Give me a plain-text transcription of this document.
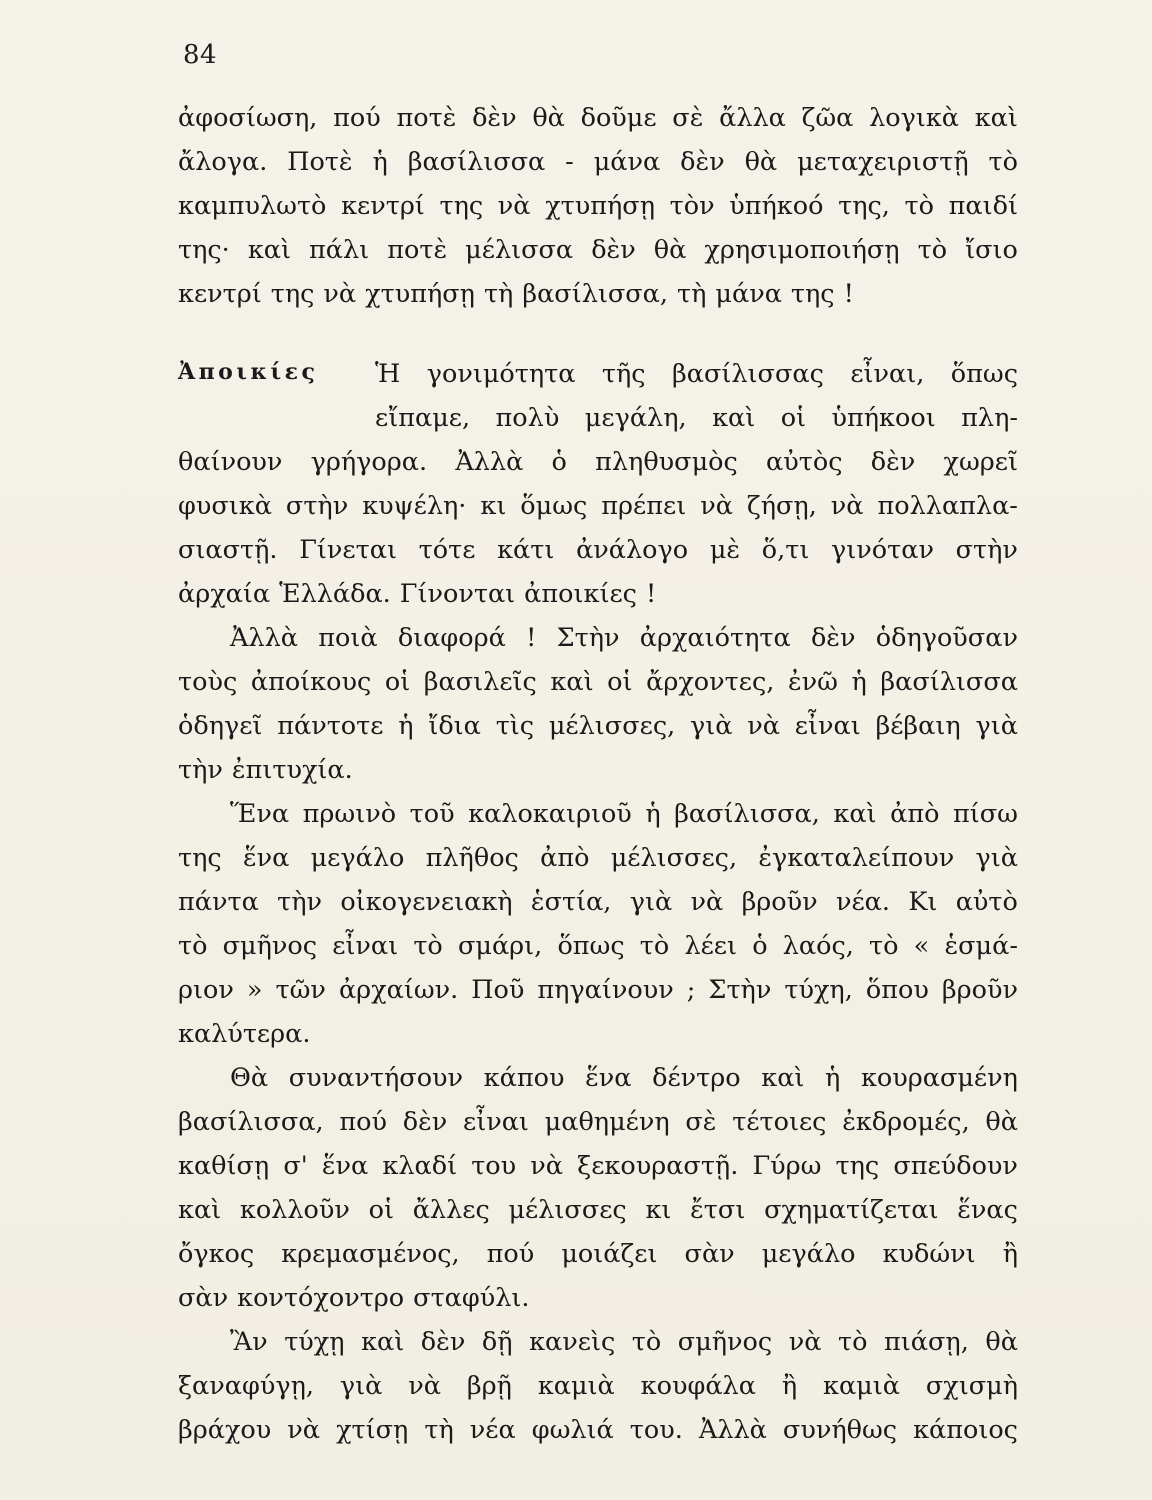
84
Ἀποικίες
ἀφοσίωση, πού ποτὲ δὲν θὰ δοῦμε σὲ ἄλλα ζῶα λογικὰ καὶ
ἄλογα. Ποτὲ ἡ βασίλισσα - μάνα δὲν θὰ μεταχειριστῇ τὸ
καμπυλωτὸ κεντρί της νὰ χτυπήσῃ τὸν ὑπήκοό της, τὸ παιδί
της· καὶ πάλι ποτὲ μέλισσα δὲν θὰ χρησιμοποιήσῃ τὸ ἴσιο
κεντρί της νὰ χτυπήσῃ τὴ βασίλισσα, τὴ μάνα της !
Ἡ γονιμότητα τῆς βασίλισσας εἶναι, ὅπως
εἴπαμε, πολὺ μεγάλη, καὶ οἱ ὑπήκοοι πλη-
θαίνουν γρήγορα. Ἀλλὰ ὁ πληθυσμὸς αὐτὸς δὲν χωρεῖ
φυσικὰ στὴν κυψέλη· κι ὅμως πρέπει νὰ ζήσῃ, νὰ πολλαπλα-
σιαστῇ. Γίνεται τότε κάτι ἀνάλογο μὲ ὅ,τι γινόταν στὴν
ἀρχαία Ἑλλάδα. Γίνονται ἀποικίες !
Ἀλλὰ ποιὰ διαφορά ! Στὴν ἀρχαιότητα δὲν ὁδηγοῦσαν
τοὺς ἀποίκους οἱ βασιλεῖς καὶ οἱ ἄρχοντες, ἐνῶ ἡ βασίλισσα
ὁδηγεῖ πάντοτε ἡ ἴδια τὶς μέλισσες, γιὰ νὰ εἶναι βέβαιη γιὰ
τὴν ἐπιτυχία.
Ἕνα πρωινὸ τοῦ καλοκαιριοῦ ἡ βασίλισσα, καὶ ἀπὸ πίσω
της ἕνα μεγάλο πλῆθος ἀπὸ μέλισσες, ἐγκαταλείπουν γιὰ
πάντα τὴν οἰκογενειακὴ ἑστία, γιὰ νὰ βροῦν νέα. Κι αὐτὸ
τὸ σμῆνος εἶναι τὸ σμάρι, ὅπως τὸ λέει ὁ λαός, τὸ « ἑσμά-
ριον » τῶν ἀρχαίων. Ποῦ πηγαίνουν ; Στὴν τύχη, ὅπου βροῦν
καλύτερα.
Θὰ συναντήσουν κάπου ἕνα δέντρο καὶ ἡ κουρασμένη
βασίλισσα, πού δὲν εἶναι μαθημένη σὲ τέτοιες ἐκδρομές, θὰ
καθίσῃ σ' ἕνα κλαδί του νὰ ξεκουραστῇ. Γύρω της σπεύδουν
καὶ κολλοῦν οἱ ἄλλες μέλισσες κι ἔτσι σχηματίζεται ἕνας
ὄγκος κρεμασμένος, πού μοιάζει σὰν μεγάλο κυδώνι ἢ
σὰν κοντόχοντρο σταφύλι.
Ἂν τύχῃ καὶ δὲν δῇ κανεὶς τὸ σμῆνος νὰ τὸ πιάσῃ, θὰ
ξαναφύγῃ, γιὰ νὰ βρῇ καμιὰ κουφάλα ἢ καμιὰ σχισμὴ
βράχου νὰ χτίσῃ τὴ νέα φωλιά του. Ἀλλὰ συνήθως κάποιος
